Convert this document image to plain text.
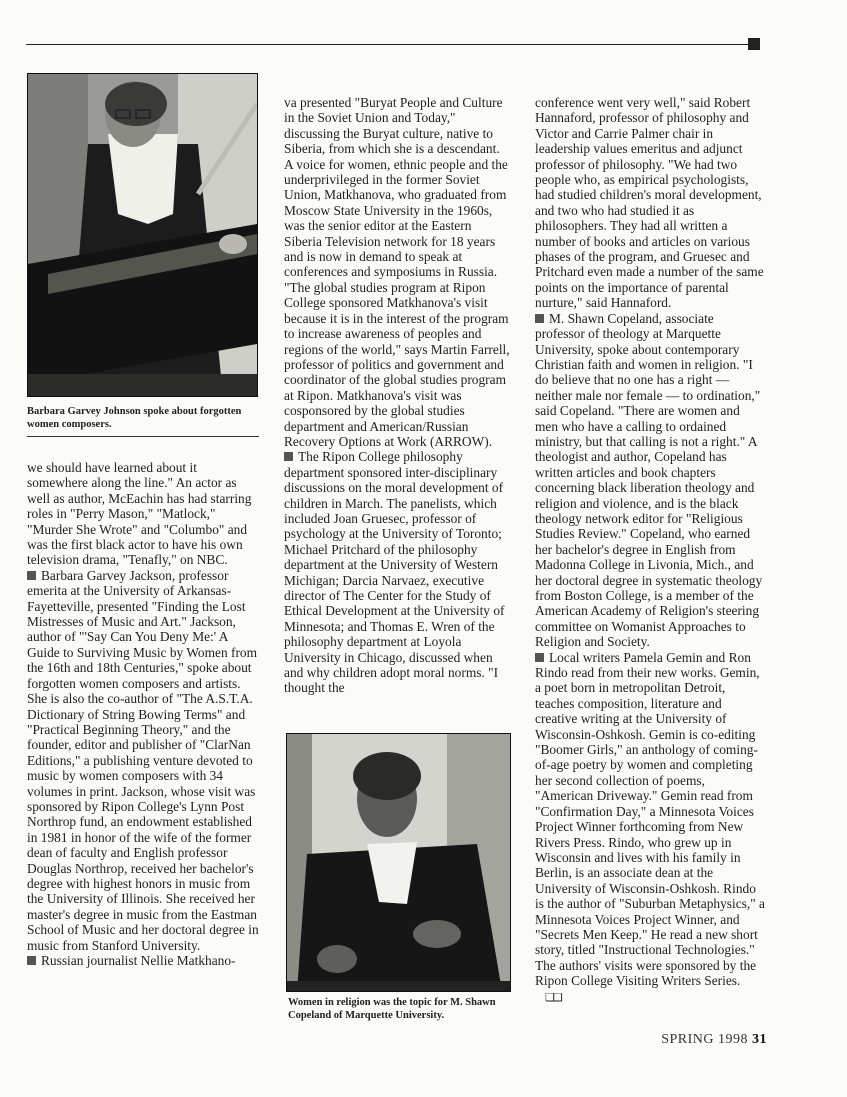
Barbara Garvey Johnson spoke about forgotten women composers.

we should have learned about it somewhere along the line." An actor as well as author, McEachin has had starring roles in "Perry Mason," "Matlock," "Murder She Wrote" and "Columbo" and was the first black actor to have his own television drama, "Tenafly," on NBC.

Barbara Garvey Jackson, professor emerita at the University of Arkansas-Fayetteville, presented "Finding the Lost Mistresses of Music and Art." Jackson, author of "'Say Can You Deny Me:' A Guide to Surviving Music by Women from the 16th and 18th Centuries," spoke about forgotten women composers and artists. She is also the co-author of "The A.S.T.A. Dictionary of String Bowing Terms" and "Practical Beginning Theory," and the founder, editor and publisher of "ClarNan Editions," a publishing venture devoted to music by women composers with 34 volumes in print. Jackson, whose visit was sponsored by Ripon College's Lynn Post Northrop fund, an endowment established in 1981 in honor of the wife of the former dean of faculty and English professor Douglas Northrop, received her bachelor's degree with highest honors in music from the University of Illinois. She received her master's degree in music from the Eastman School of Music and her doctoral degree in music from Stanford University.

Russian journalist Nellie Matkhano-

va presented "Buryat People and Culture in the Soviet Union and Today," discussing the Buryat culture, native to Siberia, from which she is a descendant. A voice for women, ethnic people and the underprivileged in the former Soviet Union, Matkhanova, who graduated from Moscow State University in the 1960s, was the senior editor at the Eastern Siberia Television network for 18 years and is now in demand to speak at conferences and symposiums in Russia. "The global studies program at Ripon College sponsored Matkhanova's visit because it is in the interest of the program to increase awareness of peoples and regions of the world," says Martin Farrell, professor of politics and government and coordinator of the global studies program at Ripon. Matkhanova's visit was cosponsored by the global studies department and American/Russian Recovery Options at Work (ARROW).

The Ripon College philosophy department sponsored inter-disciplinary discussions on the moral development of children in March. The panelists, which included Joan Gruesec, professor of psychology at the University of Toronto; Michael Pritchard of the philosophy department at the University of Western Michigan; Darcia Narvaez, executive director of The Center for the Study of Ethical Development at the University of Minnesota; and Thomas E. Wren of the philosophy department at Loyola University in Chicago, discussed when and why children adopt moral norms. "I thought the

Women in religion was the topic for M. Shawn Copeland of Marquette University.

conference went very well," said Robert Hannaford, professor of philosophy and Victor and Carrie Palmer chair in leadership values emeritus and adjunct professor of philosophy. "We had two people who, as empirical psychologists, had studied children's moral development, and two who had studied it as philosophers. They had all written a number of books and articles on various phases of the program, and Gruesec and Pritchard even made a number of the same points on the importance of parental nurture," said Hannaford.

M. Shawn Copeland, associate professor of theology at Marquette University, spoke about contemporary Christian faith and women in religion. "I do believe that no one has a right — neither male nor female — to ordination," said Copeland. "There are women and men who have a calling to ordained ministry, but that calling is not a right." A theologist and author, Copeland has written articles and book chapters concerning black liberation theology and religion and violence, and is the black theology network editor for "Religious Studies Review." Copeland, who earned her bachelor's degree in English from Madonna College in Livonia, Mich., and her doctoral degree in systematic theology from Boston College, is a member of the American Academy of Religion's steering committee on Womanist Approaches to Religion and Society.

Local writers Pamela Gemin and Ron Rindo read from their new works. Gemin, a poet born in metropolitan Detroit, teaches composition, literature and creative writing at the University of Wisconsin-Oshkosh. Gemin is co-editing "Boomer Girls," an anthology of coming-of-age poetry by women and completing her second collection of poems, "American Driveway." Gemin read from "Confirmation Day," a Minnesota Voices Project Winner forthcoming from New Rivers Press. Rindo, who grew up in Wisconsin and lives with his family in Berlin, is an associate dean at the University of Wisconsin-Oshkosh. Rindo is the author of "Suburban Metaphysics," a Minnesota Voices Project Winner, and "Secrets Men Keep." He read a new short story, titled "Instructional Technologies." The authors' visits were sponsored by the Ripon College Visiting Writers Series.❑❑

SPRING 1998 31
